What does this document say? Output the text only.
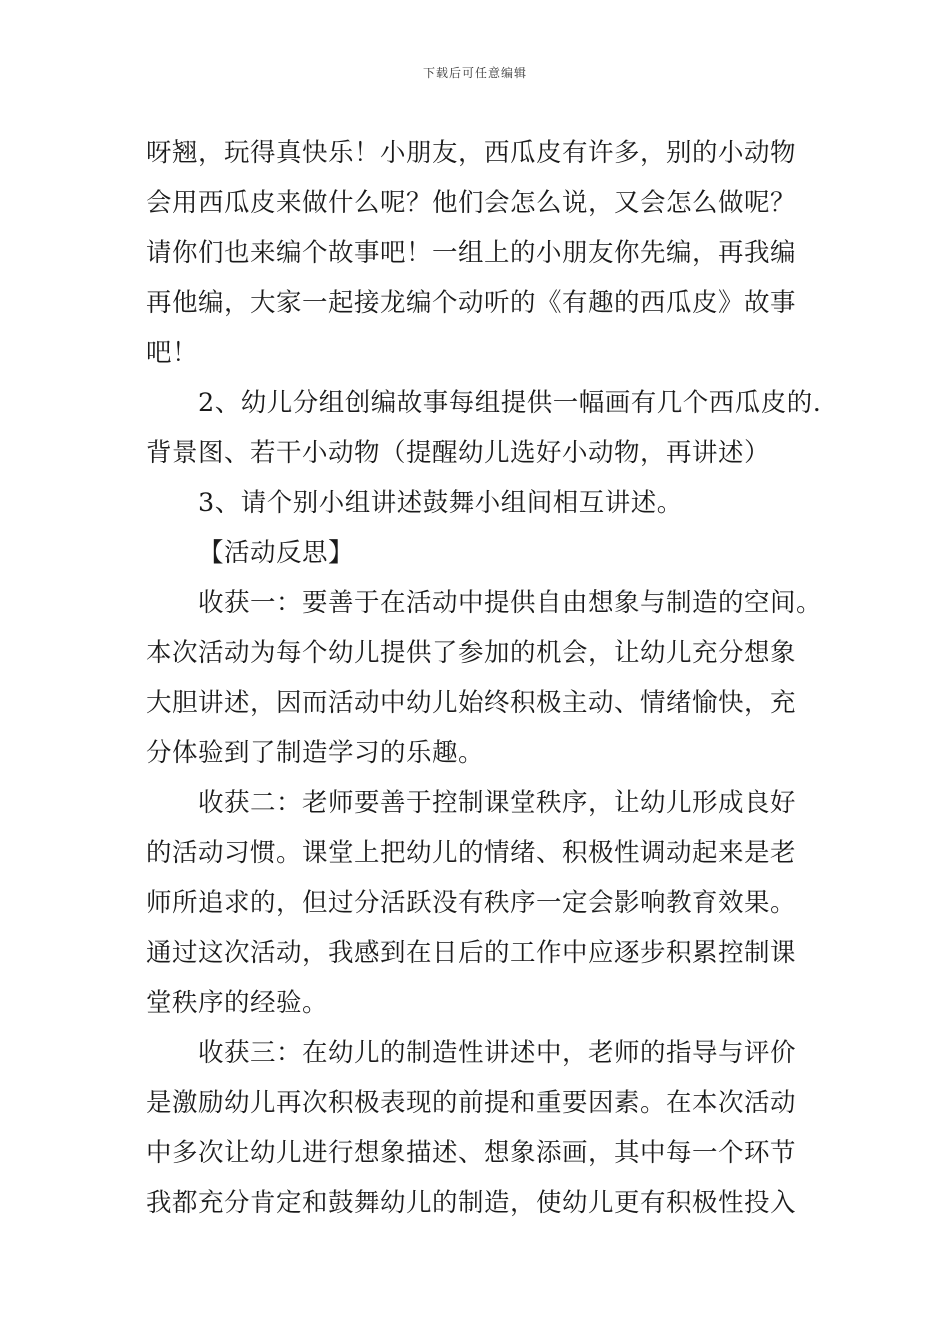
下载后可任意编辑
呀翘，玩得真快乐！小朋友，西瓜皮有许多，别的小动物
会用西瓜皮来做什么呢？他们会怎么说，又会怎么做呢？
请你们也来编个故事吧！一组上的小朋友你先编，再我编
再他编，大家一起接龙编个动听的《有趣的西瓜皮》故事
吧！
2、幼儿分组创编故事每组提供一幅画有几个西瓜皮的.
背景图、若干小动物（提醒幼儿选好小动物，再讲述）
3、请个别小组讲述鼓舞小组间相互讲述。
【活动反思】
收获一：要善于在活动中提供自由想象与制造的空间。
本次活动为每个幼儿提供了参加的机会，让幼儿充分想象
大胆讲述，因而活动中幼儿始终积极主动、情绪愉快，充
分体验到了制造学习的乐趣。
收获二：老师要善于控制课堂秩序，让幼儿形成良好
的活动习惯。课堂上把幼儿的情绪、积极性调动起来是老
师所追求的，但过分活跃没有秩序一定会影响教育效果。
通过这次活动，我感到在日后的工作中应逐步积累控制课
堂秩序的经验。
收获三：在幼儿的制造性讲述中，老师的指导与评价
是激励幼儿再次积极表现的前提和重要因素。在本次活动
中多次让幼儿进行想象描述、想象添画，其中每一个环节
我都充分肯定和鼓舞幼儿的制造，使幼儿更有积极性投入
